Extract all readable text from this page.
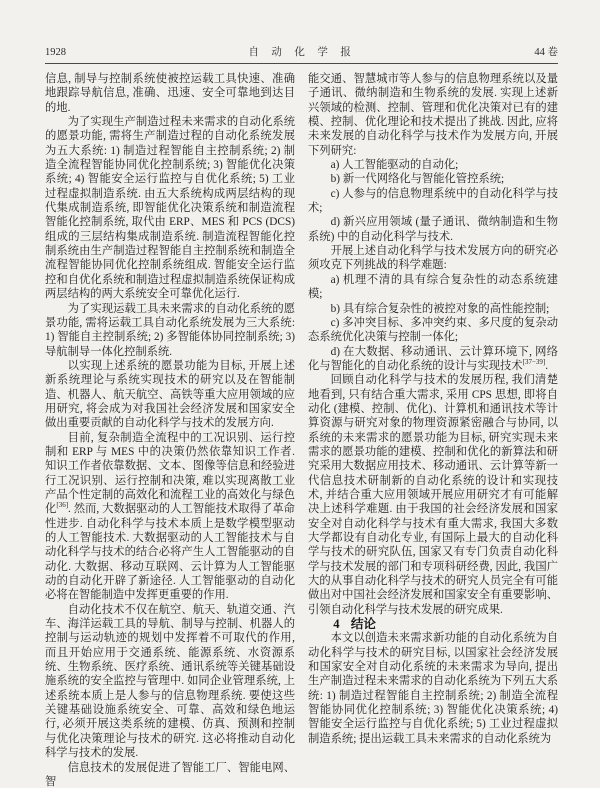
1928	自　动　化　学　报	44 卷

信息, 制导与控制系统使被控运载工具快速、准确地跟踪导航信息, 准确、迅速、安全可靠地到达目的地.

为了实现生产制造过程未来需求的自动化系统的愿景功能, 需将生产制造过程的自动化系统发展为五大系统: 1) 制造过程智能自主控制系统; 2) 制造全流程智能协同优化控制系统; 3) 智能优化决策系统; 4) 智能安全运行监控与自优化系统; 5) 工业过程虚拟制造系统. 由五大系统构成两层结构的现代集成制造系统, 即智能优化决策系统和制造流程智能化控制系统, 取代由 ERP、MES 和 PCS (DCS) 组成的三层结构集成制造系统. 制造流程智能化控制系统由生产制造过程智能自主控制系统和制造全流程智能协同优化控制系统组成. 智能安全运行监控和自优化系统和制造过程虚拟制造系统保证构成两层结构的两大系统安全可靠优化运行.

为了实现运载工具未来需求的自动化系统的愿景功能, 需将运载工具自动化系统发展为三大系统: 1) 智能自主控制系统; 2) 多智能体协同控制系统; 3) 导航制导一体化控制系统.

以实现上述系统的愿景功能为目标, 开展上述新系统理论与系统实现技术的研究以及在智能制造、机器人、航天航空、高铁等重大应用领域的应用研究, 将会成为对我国社会经济发展和国家安全做出重要贡献的自动化科学与技术的发展方向.

目前, 复杂制造全流程中的工况识别、运行控制和 ERP 与 MES 中的决策仍然依靠知识工作者. 知识工作者依靠数据、文本、图像等信息和经验进行工况识别、运行控制和决策, 难以实现离散工业产品个性定制的高效化和流程工业的高效化与绿色化[36]. 然而, 大数据驱动的人工智能技术取得了革命性进步. 自动化科学与技术本质上是数学模型驱动的人工智能技术. 大数据驱动的人工智能技术与自动化科学与技术的结合必将产生人工智能驱动的自动化. 大数据、移动互联网、云计算为人工智能驱动的自动化开辟了新途径. 人工智能驱动的自动化必将在智能制造中发挥更重要的作用.

自动化技术不仅在航空、航天、轨道交通、汽车、海洋运载工具的导航、制导与控制、机器人的控制与运动轨迹的规划中发挥着不可取代的作用, 而且开始应用于交通系统、能源系统、水资源系统、生物系统、医疗系统、通讯系统等关键基础设施系统的安全监控与管理中. 如同企业管理系统, 上述系统本质上是人参与的信息物理系统. 要使这些关键基础设施系统安全、可靠、高效和绿色地运行, 必须开展这类系统的建模、仿真、预测和控制与优化决策理论与技术的研究. 这必将推动自动化科学与技术的发展.

信息技术的发展促进了智能工厂、智能电网、智

能交通、智慧城市等人参与的信息物理系统以及量子通讯、微纳制造和生物系统的发展. 实现上述新兴领域的检测、控制、管理和优化决策对已有的建模、控制、优化理论和技术提出了挑战. 因此, 应将未来发展的自动化科学与技术作为发展方向, 开展下列研究:

a) 人工智能驱动的自动化;

b) 新一代网络化与智能化管控系统;

c) 人参与的信息物理系统中的自动化科学与技术;

d) 新兴应用领域 (量子通讯、微纳制造和生物系统) 中的自动化科学与技术.

开展上述自动化科学与技术发展方向的研究必须攻克下列挑战的科学难题:

a) 机理不清的具有综合复杂性的动态系统建模;

b) 具有综合复杂性的被控对象的高性能控制;

c) 多冲突目标、多冲突约束、多尺度的复杂动态系统优化决策与控制一体化;

d) 在大数据、移动通讯、云计算环境下, 网络化与智能化的自动化系统的设计与实现技术[37−39].

回顾自动化科学与技术的发展历程, 我们清楚地看到, 只有结合重大需求, 采用 CPS 思想, 即将自动化 (建模、控制、优化)、计算机和通讯技术等计算资源与研究对象的物理资源紧密融合与协同, 以系统的未来需求的愿景功能为目标, 研究实现未来需求的愿景功能的建模、控制和优化的新算法和研究采用大数据应用技术、移动通讯、云计算等新一代信息技术研制新的自动化系统的设计和实现技术, 并结合重大应用领域开展应用研究才有可能解决上述科学难题. 由于我国的社会经济发展和国家安全对自动化科学与技术有重大需求, 我国大多数大学都设有自动化专业, 有国际上最大的自动化科学与技术的研究队伍, 国家又有专门负责自动化科学与技术发展的部门和专项科研经费, 因此, 我国广大的从事自动化科学与技术的研究人员完全有可能做出对中国社会经济发展和国家安全有重要影响、引领自动化科学与技术发展的研究成果.

4 结论

本文以创造未来需求新功能的自动化系统为自动化科学与技术的研究目标, 以国家社会经济发展和国家安全对自动化系统的未来需求为导向, 提出生产制造过程未来需求的自动化系统为下列五大系统: 1) 制造过程智能自主控制系统; 2) 制造全流程智能协同优化控制系统; 3) 智能优化决策系统; 4) 智能安全运行监控与自优化系统; 5) 工业过程虚拟制造系统; 提出运载工具未来需求的自动化系统为
